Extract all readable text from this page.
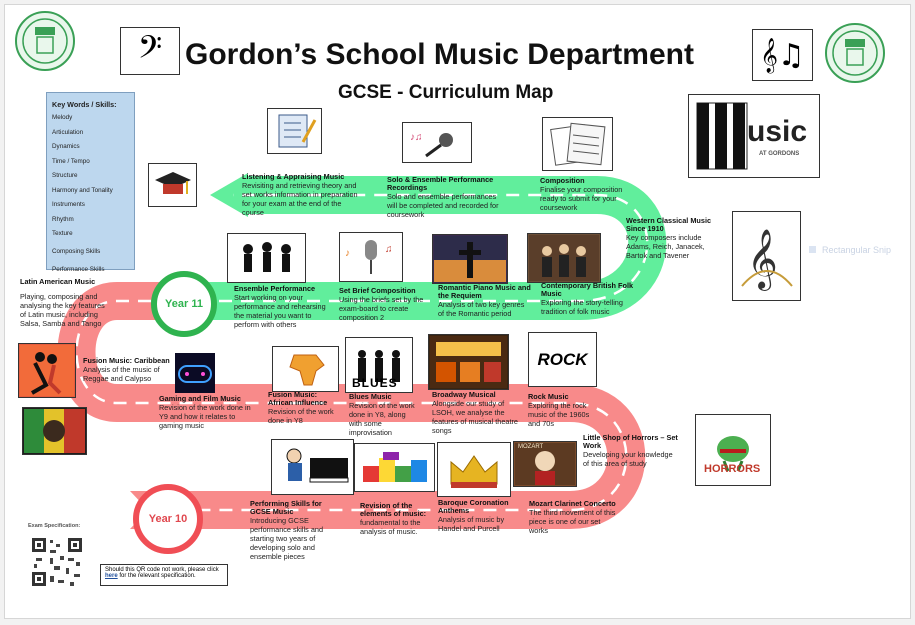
𝄢 Gordon’s School Music Department
GCSE - Curriculum Map
𝄞♫
Key Words / Skills:
Melody
Articulation
Dynamics
Time / Tempo
Structure
Harmony and Tonality
Instruments
Rhythm
Texture
Composing Skills
Performance Skills
usic
AT GORDONS
♪♫
𝄞
♪	♫
BLUES
ROCK
HORRORS
MOZART
Year 11
Year 10
Listening & Appraising Music
Revisiting and retrieving theory and set works information in preparation for your exam at the end of the course
Solo & Ensemble Performance Recordings
Solo and ensemble performances will be completed and recorded for coursework
Composition
Finalise your composition ready to submit for your coursework
Western Classical Music Since 1910
Key composers include Adams, Reich, Janacek, Bartok and Tavener
Rectangular Snip
Ensemble Performance
Start working on your performance and rehearsing the material you want to perform with others
Set Brief Composition
Using the briefs set by the exam-board to create composition 2
Romantic Piano Music and the Requiem
Analysis of two key genres of the Romantic period
Contemporary British Folk Music
Exploring the story-telling tradition of folk music
Latin American Music
Playing, composing and analysing the key features of Latin music, including Salsa, Samba and Tango
Fusion Music: Caribbean
Analysis of the music of Reggae and Calypso
Gaming and Film Music
Revision of the work done in Y9 and how it relates to gaming music
Fusion Music: African Influence
Revision of the work done in Y8
Blues Music
Revision of the work done in Y8, along with some improvisation
Broadway Musical
Alongside our study of LSOH, we analyse the features of musical theatre songs
Rock Music
Exploring the rock music of the 1960s and 70s
Little Shop of Horrors – Set Work
Developing your knowledge of this area of study
Performing Skills for GCSE Music
Introducing GCSE performance skills and starting two years of developing solo and ensemble pieces
Revision of the elements of music:
fundamental to the analysis of music.
Baroque Coronation Anthems
Analysis of music by Handel and Purcell
Mozart Clarinet Concerto
The third movement of this piece is one of our set works
Exam Specification:
Should this QR code not work, please click here for the relevant specification.
